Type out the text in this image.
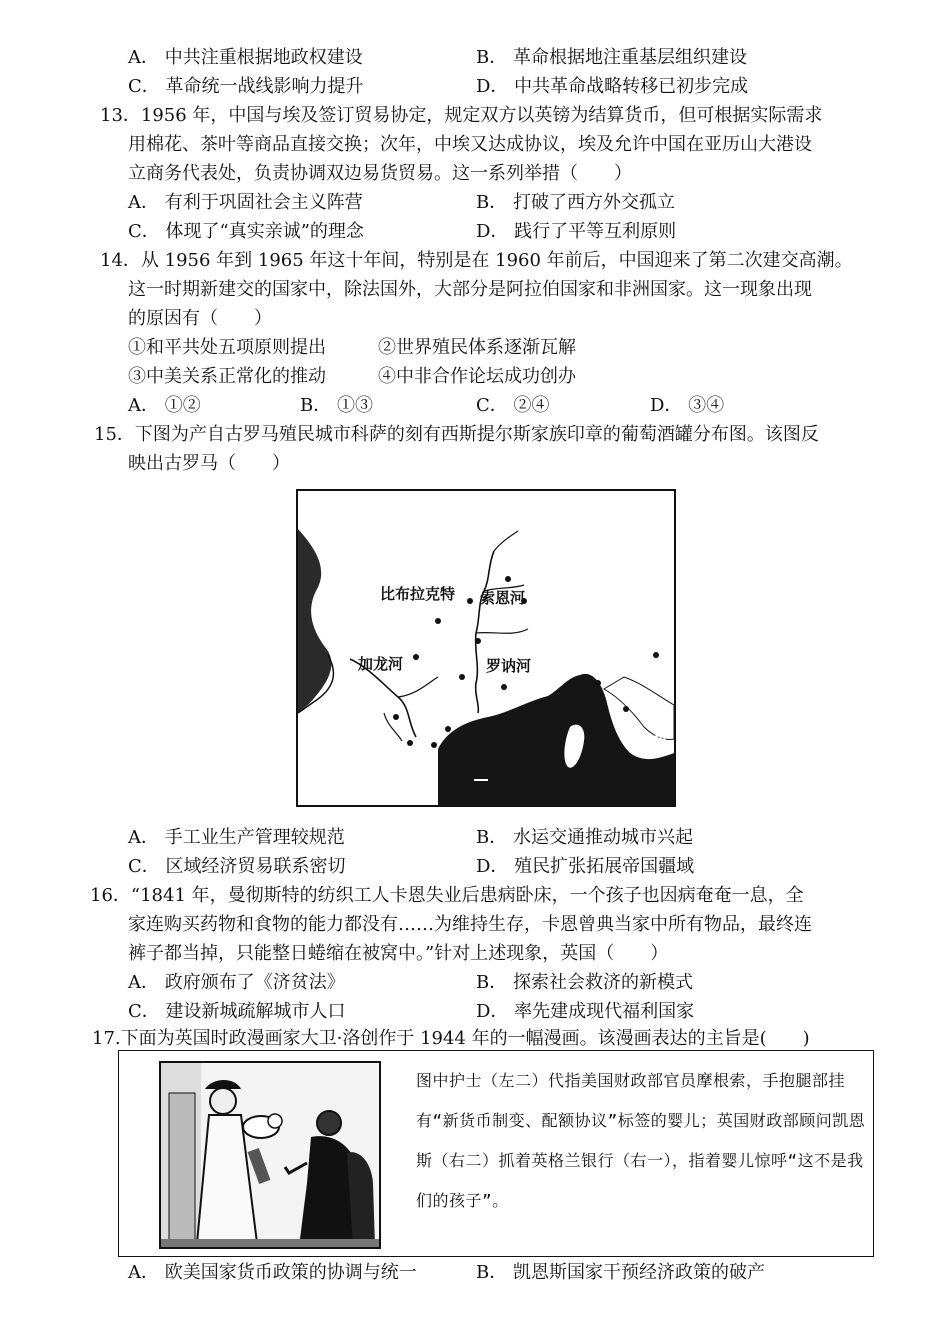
A． 中共注重根据地政权建设	B． 革命根据地注重基层组织建设
C． 革命统一战线影响力提升	D． 中共革命战略转移已初步完成
13．1956 年，中国与埃及签订贸易协定，规定双方以英镑为结算货币，但可根据实际需求
用棉花、茶叶等商品直接交换；次年，中埃又达成协议，埃及允许中国在亚历山大港设
立商务代表处，负责协调双边易货贸易。这一系列举措（　　）
A． 有利于巩固社会主义阵营	B． 打破了西方外交孤立
C． 体现了“真实亲诚”的理念	D． 践行了平等互利原则
14．从 1956 年到 1965 年这十年间，特别是在 1960 年前后，中国迎来了第二次建交高潮。
这一时期新建交的国家中，除法国外，大部分是阿拉伯国家和非洲国家。这一现象出现
的原因有（　　）
①和平共处五项原则提出	②世界殖民体系逐渐瓦解
③中美关系正常化的推动	④中非合作论坛成功创办
A． ①②	B． ①③	C． ②④	D． ③④
15．下图为产自古罗马殖民城市科萨的刻有西斯提尔斯家族印章的葡萄酒罐分布图。该图反
映出古罗马（　　）
比布拉克特 索恩河
加龙河	罗讷河
科萨
A． 手工业生产管理较规范	B． 水运交通推动城市兴起
C． 区域经济贸易联系密切	D． 殖民扩张拓展帝国疆域
16．“1841 年，曼彻斯特的纺织工人卡恩失业后患病卧床，一个孩子也因病奄奄一息，全
家连购买药物和食物的能力都没有……为维持生存，卡恩曾典当家中所有物品，最终连
裤子都当掉，只能整日蜷缩在被窝中。”针对上述现象，英国（　　）
A． 政府颁布了《济贫法》	B． 探索社会救济的新模式
C． 建设新城疏解城市人口	D． 率先建成现代福利国家
17.下面为英国时政漫画家大卫·洛创作于 1944 年的一幅漫画。该漫画表达的主旨是(　　)
图中护士（左二）代指美国财政部官员摩根索，手抱腿部挂有“新货币制变、配额协议”标签的婴儿；英国财政部顾问凯恩斯（右二）抓着英格兰银行（右一），指着婴儿惊呼“这不是我们的孩子”。
A． 欧美国家货币政策的协调与统一	B． 凯恩斯国家干预经济政策的破产
